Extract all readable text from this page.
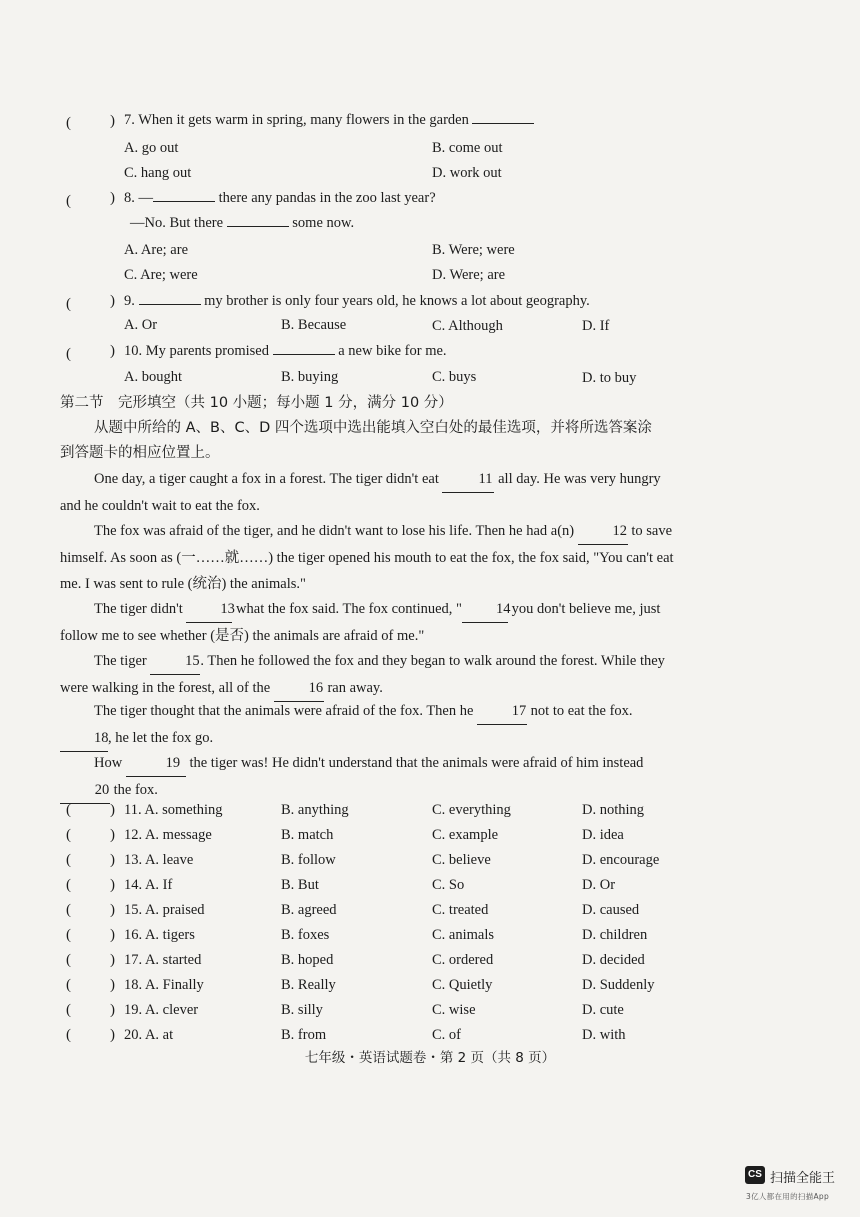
(	) 7. When it gets warm in spring, many flowers in the garden
A. go out	B. come out
C. hang out	D. work out
(	) 8. —	there any pandas in the zoo last year?
—No. But there	some now.
A. Are; are	B. Were; were
C. Are; were	D. Were; are
(	) 9.	my brother is only four years old, he knows a lot about geography.
A. Or	B. Because	C. Although	D. If
(	) 10. My parents promised	a new bike for me.
A. bought	B. buying	C. buys	D. to buy
第二节　完形填空（共 10 小题；每小题 1 分，满分 10 分）
从题中所给的 A、B、C、D 四个选项中选出能填入空白处的最佳选项，并将所选答案涂
到答题卡的相应位置上。
One day, a tiger caught a fox in a forest. The tiger didn't eat	11 all day. He was very hungry and he couldn't wait to eat the fox.
The fox was afraid of the tiger, and he didn't want to lose his life. Then he had a(n)	12 to save himself. As soon as (一……就……) the tiger opened his mouth to eat the fox, the fox said, "You can't eat me. I was sent to rule (统治) the animals."
The tiger didn't	13 what the fox said. The fox continued, " 14 you don't believe me, just follow me to see whether (是否) the animals are afraid of me."
The tiger	15. Then he followed the fox and they began to walk around the forest. While they were walking in the forest, all of the	16 ran away.
The tiger thought that the animals were afraid of the fox. Then he	17 not to eat the fox. 18, he let the fox go.
How	19 the tiger was! He didn't understand that the animals were afraid of him instead 20 the fox.
(	) 11. A. something	B. anything	C. everything	D. nothing
(	) 12. A. message	B. match	C. example	D. idea
(	) 13. A. leave	B. follow	C. believe	D. encourage
(	) 14. A. If	B. But	C. So	D. Or
(	) 15. A. praised	B. agreed	C. treated	D. caused
(	) 16. A. tigers	B. foxes	C. animals	D. children
(	) 17. A. started	B. hoped	C. ordered	D. decided
(	) 18. A. Finally	B. Really	C. Quietly	D. Suddenly
(	) 19. A. clever	B. silly	C. wise	D. cute
(	) 20. A. at	B. from	C. of	D. with
七年级・英语试题卷・第 2 页（共 8 页）
CS 扫描全能王
3亿人都在用的扫描App
